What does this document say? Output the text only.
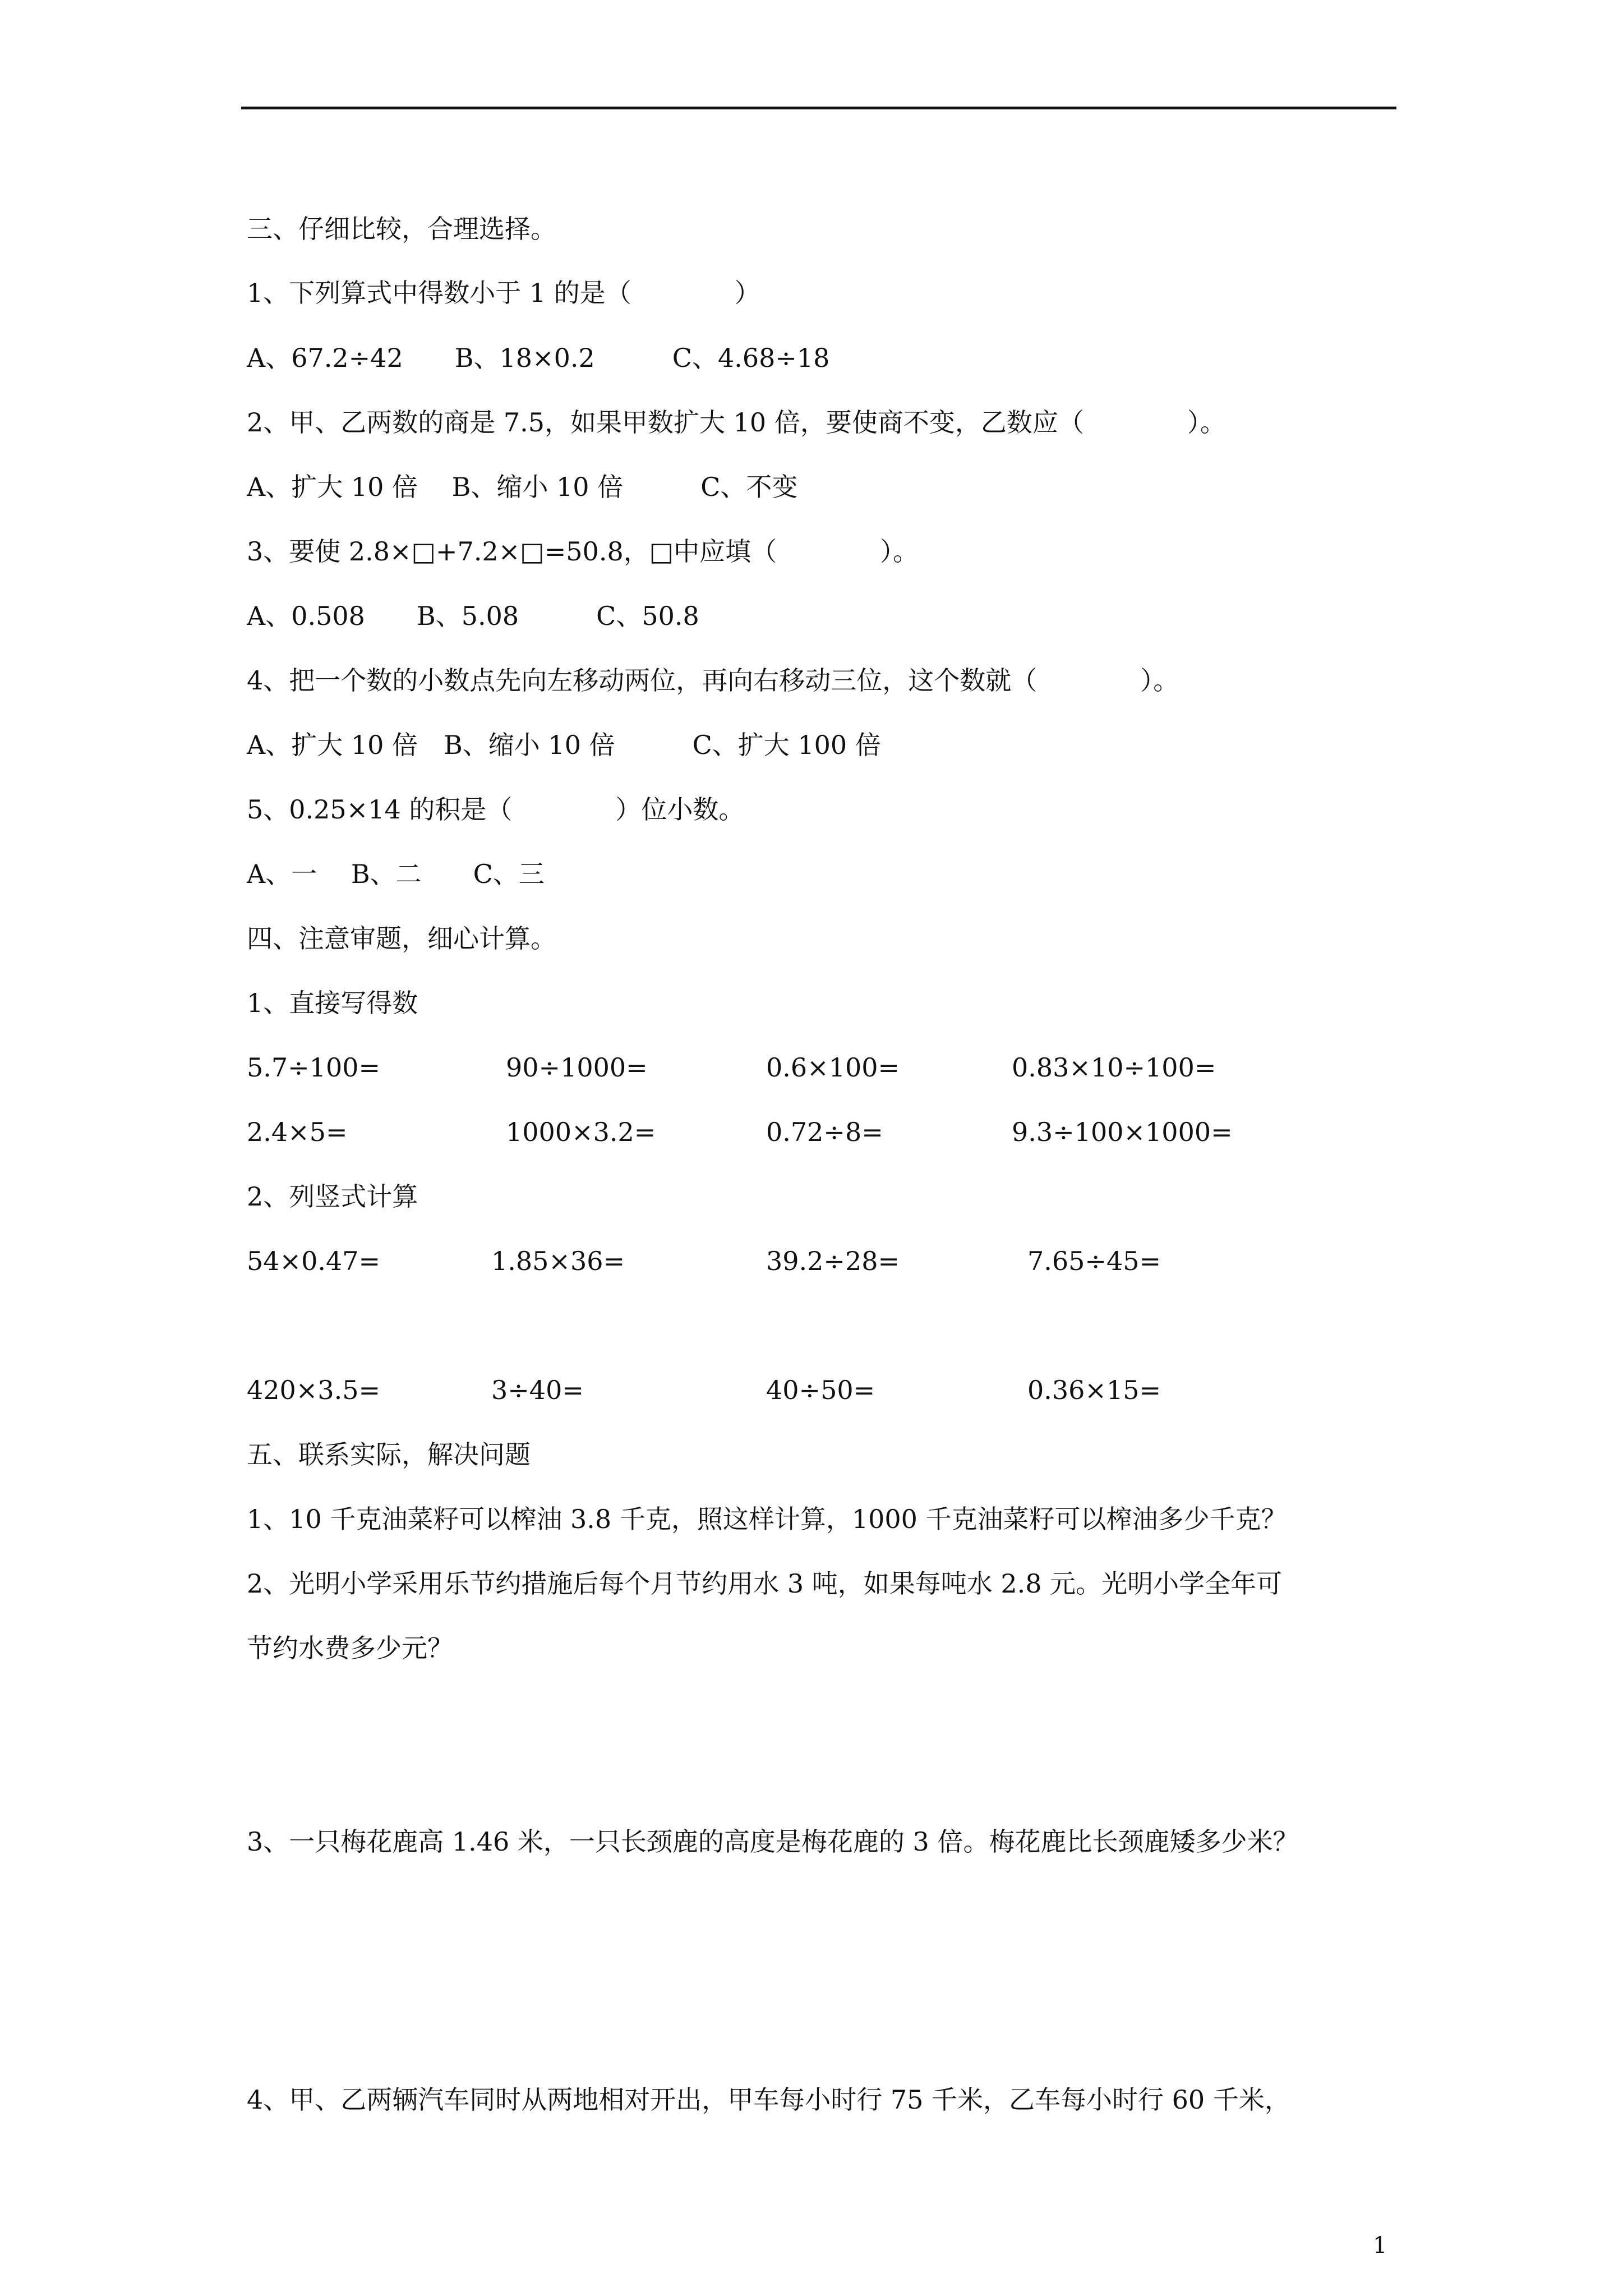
三、仔细比较，合理选择。
1、下列算式中得数小于 1 的是（　　　　）
A、67.2÷42　　B、18×0.2　　　C、4.68÷18
2、甲、乙两数的商是 7.5，如果甲数扩大 10 倍，要使商不变，乙数应（　　　　）。
A、扩大 10 倍　 B、缩小 10 倍　　　C、不变
3、要使 2.8×□+7.2×□=50.8，□中应填（　　　　）。
A、0.508　　B、5.08　　　C、50.8
4、把一个数的小数点先向左移动两位，再向右移动三位，这个数就（　　　　）。
A、扩大 10 倍　B、缩小 10 倍　　　C、扩大 100 倍
5、0.25×14 的积是（　　　　）位小数。
A、一　 B、二　　C、三
四、注意审题，细心计算。
1、直接写得数
5.7÷100=	90÷1000=	0.6×100=	0.83×10÷100=
2.4×5=	1000×3.2=	0.72÷8=	9.3÷100×1000=
2、列竖式计算
54×0.47=	1.85×36=	39.2÷28=	7.65÷45=
420×3.5=	3÷40=	40÷50=	0.36×15=
五、联系实际，解决问题
1、10 千克油菜籽可以榨油 3.8 千克，照这样计算，1000 千克油菜籽可以榨油多少千克？
2、光明小学采用乐节约措施后每个月节约用水 3 吨，如果每吨水 2.8 元。光明小学全年可
节约水费多少元？
3、一只梅花鹿高 1.46 米，一只长颈鹿的高度是梅花鹿的 3 倍。梅花鹿比长颈鹿矮多少米？
4、甲、乙两辆汽车同时从两地相对开出，甲车每小时行 75 千米，乙车每小时行 60 千米，
1
